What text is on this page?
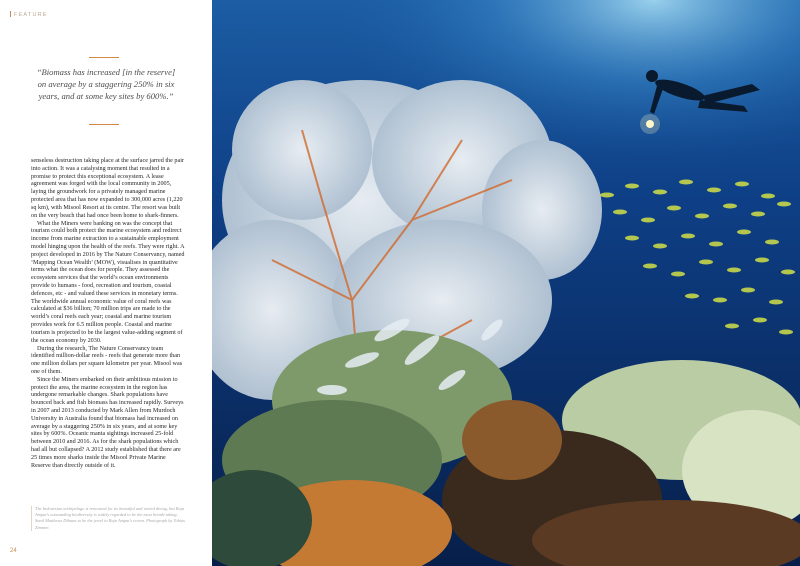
FEATURE
“Biomass has increased [in the reserve] on average by a staggering 250% in six years, and at some key sites by 600%.”

senseless destruction taking place at the surface jarred the pair into action. It was a catalysing moment that resulted in a promise to protect this exceptional ecosystem. A lease agreement was forged with the local community in 2005, laying the groundwork for a privately managed marine protected area that has now expanded to 300,000 acres (1,220 sq km), with Misool Resort at its centre. The resort was built on the very beach that had once been home to shark-finners.

What the Miners were banking on was the concept that tourism could both protect the marine ecosystem and redirect income from marine extraction to a sustainable employment model hinging upon the health of the reefs. They were right. A project developed in 2016 by The Nature Conservancy, named ‘Mapping Ocean Wealth’ (MOW), visualises in quantitative terms what the ocean does for people. They assessed the ecosystem services that the world’s ocean environments provide to humans - food, recreation and tourism, coastal defences, etc - and valued these services in monetary terms. The worldwide annual economic value of coral reefs was calculated at $36 billion; 70 million trips are made to the world’s coral reefs each year; coastal and marine tourism provides work for 6.5 million people. Coastal and marine tourism is projected to be the largest value-adding segment of the ocean economy by 2030.

During the research, The Nature Conservancy team identified million-dollar reefs - reefs that generate more than one million dollars per square kilometre per year. Misool was one of them.

Since the Miners embarked on their ambitious mission to protect the area, the marine ecosystem in the region has undergone remarkable changes. Shark populations have bounced back and fish biomass has increased rapidly. Surveys in 2007 and 2013 conducted by Mark Allen from Murdoch University in Australia found that biomass had increased on average by a staggering 250% in six years, and at some key sites by 600%. Oceanic manta sightings increased 25-fold between 2010 and 2016. As for the shark populations which had all but collapsed? A 2012 study established that there are 25 times more sharks inside the Misool Private Marine Reserve than directly outside of it.

The Indonesian archipelago is renowned for its beautiful and varied diving, but Raja Ampat’s outstanding biodiversity is widely regarded to be the most breath-taking. Sunil Matthews Dihaan to be the jewel in Raja Ampat’s crown. Photograph by Tobias Zimmer.
24
